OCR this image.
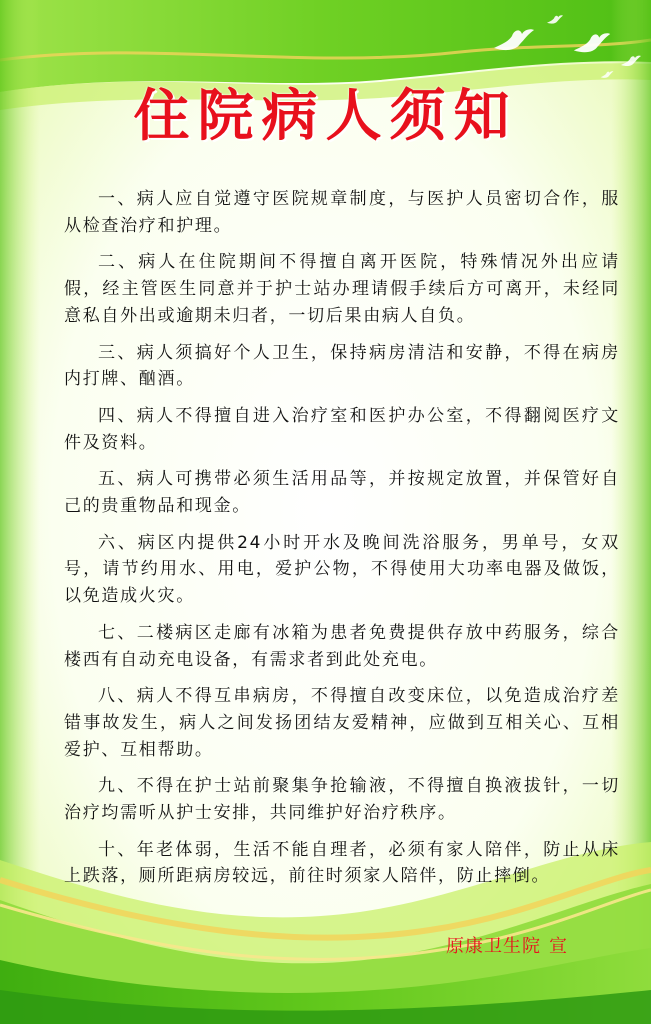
住院病人须知

一、病人应自觉遵守医院规章制度，与医护人员密切合作，服从检查治疗和护理。

二、病人在住院期间不得擅自离开医院，特殊情况外出应请假，经主管医生同意并于护士站办理请假手续后方可离开，未经同意私自外出或逾期未归者，一切后果由病人自负。

三、病人须搞好个人卫生，保持病房清洁和安静，不得在病房内打牌、酗酒。

四、病人不得擅自进入治疗室和医护办公室，不得翻阅医疗文件及资料。

五、病人可携带必须生活用品等，并按规定放置，并保管好自己的贵重物品和现金。

六、病区内提供24小时开水及晚间洗浴服务，男单号，女双号，请节约用水、用电，爱护公物，不得使用大功率电器及做饭，以免造成火灾。

七、二楼病区走廊有冰箱为患者免费提供存放中药服务，综合楼西有自动充电设备，有需求者到此处充电。

八、病人不得互串病房，不得擅自改变床位，以免造成治疗差错事故发生，病人之间发扬团结友爱精神，应做到互相关心、互相爱护、互相帮助。

九、不得在护士站前聚集争抢输液，不得擅自换液拔针，一切治疗均需听从护士安排，共同维护好治疗秩序。

十、年老体弱，生活不能自理者，必须有家人陪伴，防止从床上跌落，厕所距病房较远，前往时须家人陪伴，防止摔倒。

原康卫生院 宣
